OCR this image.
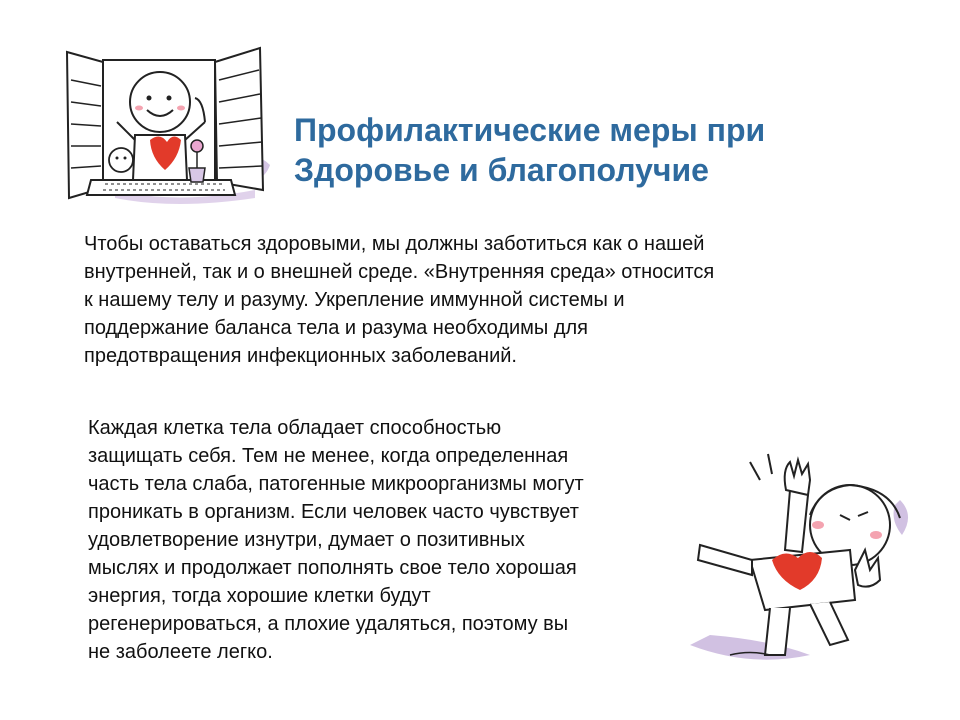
Профилактические меры при
Здоровье и благополучие

Чтобы оставаться здоровыми, мы должны заботиться как о нашей
внутренней, так и о внешней среде. «Внутренняя среда» относится
к нашему телу и разуму. Укрепление иммунной системы и
поддержание баланса тела и разума необходимы для
предотвращения инфекционных заболеваний.

Каждая клетка тела обладает способностью
защищать себя. Тем не менее, когда определенная
часть тела слаба, патогенные микроорганизмы могут
проникать в организм. Если человек часто чувствует
удовлетворение изнутри, думает о позитивных
мыслях и продолжает пополнять свое тело хорошая
энергия, тогда хорошие клетки будут
регенерироваться, а плохие удаляться, поэтому вы
не заболеете легко.
